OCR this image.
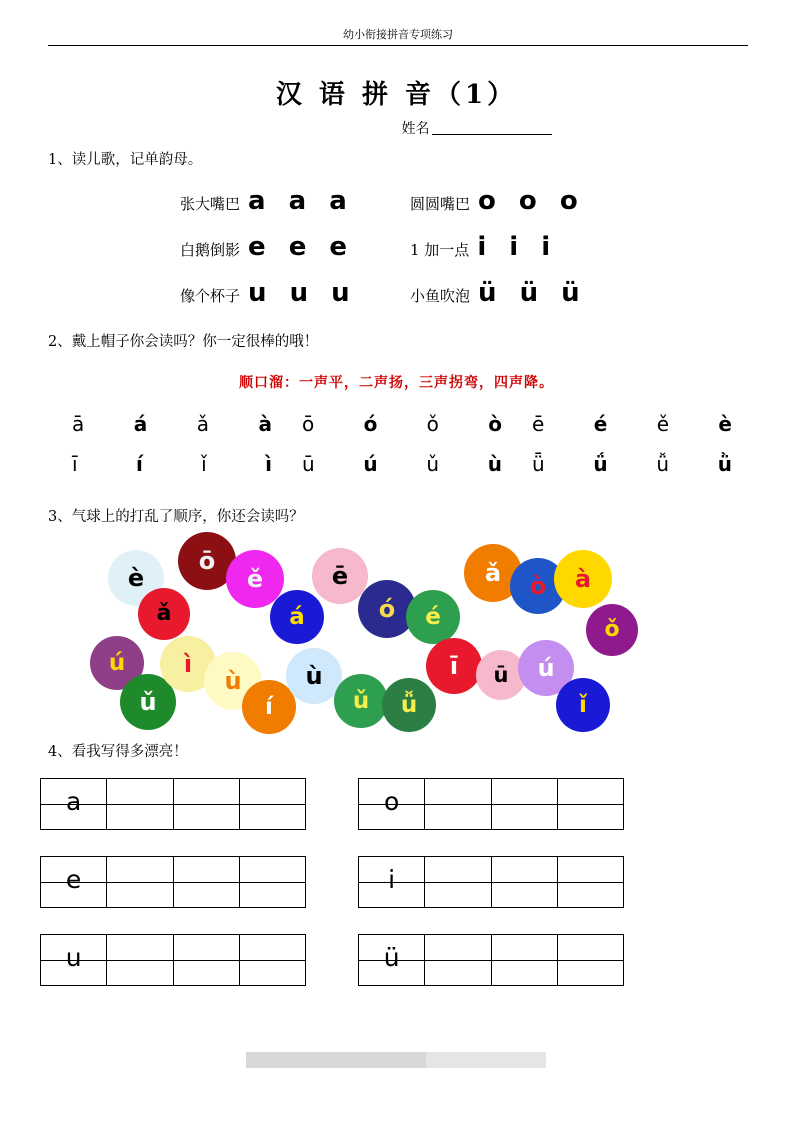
幼小衔接拼音专项练习
汉 语 拼 音（1）
姓名
1、读儿歌，记单韵母。
张大嘴巴 a a a	圆圆嘴巴 o o o
白鹅倒影 e e e	1 加一点 i i i
像个杯子 u u u	小鱼吹泡 ü ü ü
2、戴上帽子你会读吗？你一定很棒的哦！
顺口溜：一声平，二声扬，三声拐弯，四声降。
ā á ǎ à ō ó ǒ ò ē é ě è
ī	í	ǐ	ì ū ú ǔ ù ǖ ǘ ǚ ǜ
3、气球上的打乱了顺序，你还会读吗？
è
ǎ
ō
ě
á
ē
ó é
ǎ ò à
ǒ
ú
ǔ
ì
ù
í
ù
ǔ ǚ
ī ū ú
ǐ
4、看我写得多漂亮！
a	o
e	i
u	ü
